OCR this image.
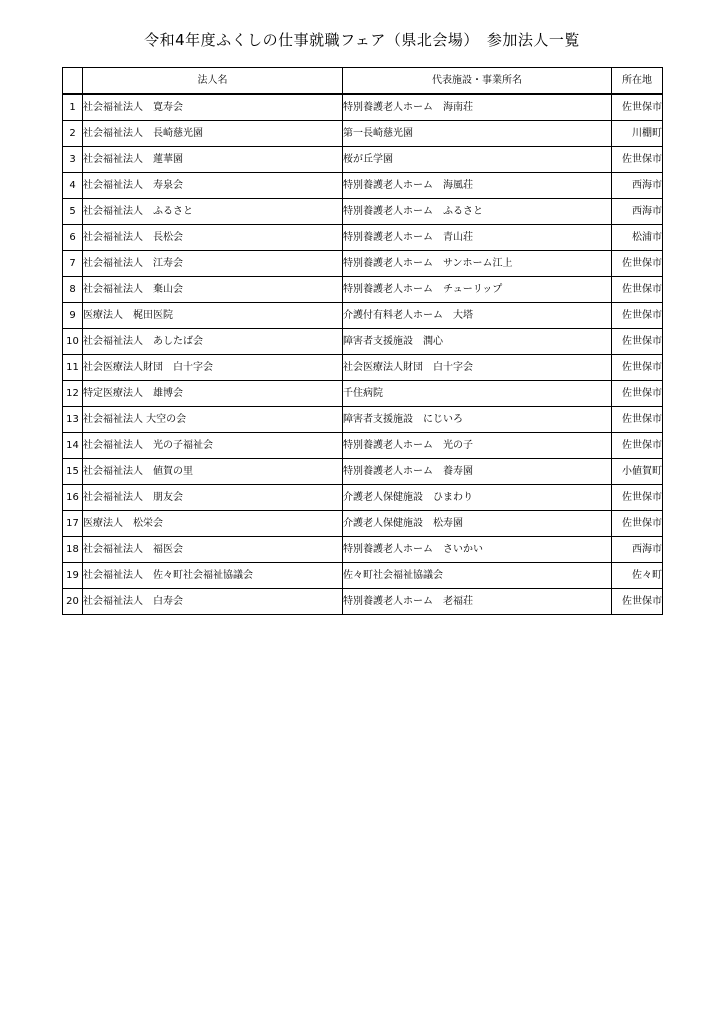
令和4年度ふくしの仕事就職フェア（県北会場）　参加法人一覧
	法人名	代表施設・事業所名	所在地
1	社会福祉法人　寛寿会	特別養護老人ホーム　海南荘	佐世保市
2	社会福祉法人　長崎慈光園	第一長崎慈光園	川棚町
3	社会福祉法人　蓮華園	桜が丘学園	佐世保市
4	社会福祉法人　寿泉会	特別養護老人ホーム　海風荘	西海市
5	社会福祉法人　ふるさと	特別養護老人ホーム　ふるさと	西海市
6	社会福祉法人　長松会	特別養護老人ホーム　青山荘	松浦市
7	社会福祉法人　江寿会	特別養護老人ホーム　サンホーム江上	佐世保市
8	社会福祉法人　棄山会	特別養護老人ホーム　チューリップ	佐世保市
9	医療法人　梶田医院	介護付有料老人ホーム　大塔	佐世保市
10	社会福祉法人　あしたば会	障害者支援施設　潤心	佐世保市
11	社会医療法人財団　白十字会	社会医療法人財団　白十字会	佐世保市
12	特定医療法人　雄博会	千住病院	佐世保市
13	社会福祉法人 大空の会	障害者支援施設　にじいろ	佐世保市
14	社会福祉法人　光の子福祉会	特別養護老人ホーム　光の子	佐世保市
15	社会福祉法人　値賀の里	特別養護老人ホーム　養寿園	小値賀町
16	社会福祉法人　朋友会	介護老人保健施設　ひまわり	佐世保市
17	医療法人　松栄会	介護老人保健施設　松寿園	佐世保市
18	社会福祉法人　福医会	特別養護老人ホーム　さいかい	西海市
19	社会福祉法人　佐々町社会福祉協議会	佐々町社会福祉協議会	佐々町
20	社会福祉法人　白寿会	特別養護老人ホーム　老福荘	佐世保市
